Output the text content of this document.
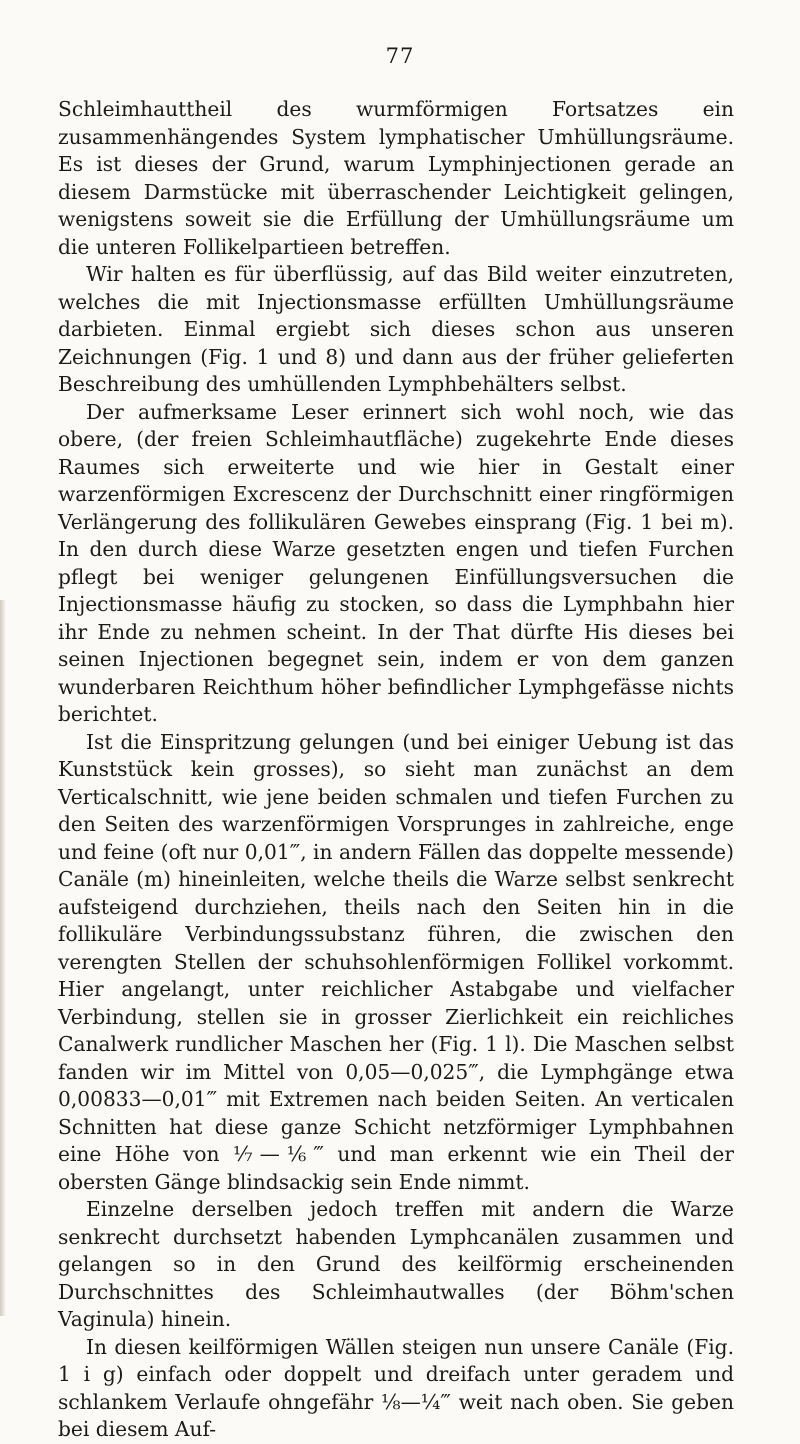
77

Schleimhauttheil des wurmförmigen Fortsatzes ein zusammenhängendes System lymphatischer Umhüllungsräume. Es ist dieses der Grund, warum Lymphinjectionen gerade an diesem Darmstücke mit überraschender Leichtigkeit gelingen, wenigstens soweit sie die Erfüllung der Umhüllungsräume um die unteren Follikelpartieen betreffen.

Wir halten es für überflüssig, auf das Bild weiter einzutreten, welches die mit Injectionsmasse erfüllten Umhüllungsräume darbieten. Einmal ergiebt sich dieses schon aus unseren Zeichnungen (Fig. 1 und 8) und dann aus der früher gelieferten Beschreibung des umhüllenden Lymphbehälters selbst.

Der aufmerksame Leser erinnert sich wohl noch, wie das obere, (der freien Schleimhautfläche) zugekehrte Ende dieses Raumes sich erweiterte und wie hier in Gestalt einer warzenförmigen Excrescenz der Durchschnitt einer ringförmigen Verlängerung des follikulären Gewebes einsprang (Fig. 1 bei m). In den durch diese Warze gesetzten engen und tiefen Furchen pflegt bei weniger gelungenen Einfüllungsversuchen die Injectionsmasse häufig zu stocken, so dass die Lymphbahn hier ihr Ende zu nehmen scheint. In der That dürfte His dieses bei seinen Injectionen begegnet sein, indem er von dem ganzen wunderbaren Reichthum höher befindlicher Lymphgefässe nichts berichtet.

Ist die Einspritzung gelungen (und bei einiger Uebung ist das Kunststück kein grosses), so sieht man zunächst an dem Verticalschnitt, wie jene beiden schmalen und tiefen Furchen zu den Seiten des warzenförmigen Vorsprunges in zahlreiche, enge und feine (oft nur 0,01‴, in andern Fällen das doppelte messende) Canäle (m) hineinleiten, welche theils die Warze selbst senkrecht aufsteigend durchziehen, theils nach den Seiten hin in die follikuläre Verbindungssubstanz führen, die zwischen den verengten Stellen der schuhsohlenförmigen Follikel vorkommt. Hier angelangt, unter reichlicher Astabgabe und vielfacher Verbindung, stellen sie in grosser Zierlichkeit ein reichliches Canalwerk rundlicher Maschen her (Fig. 1 l). Die Maschen selbst fanden wir im Mittel von 0,05—0,025‴, die Lymphgänge etwa 0,00833—0,01‴ mit Extremen nach beiden Seiten. An verticalen Schnitten hat diese ganze Schicht netzförmiger Lymphbahnen eine Höhe von ⅐—⅙‴ und man erkennt wie ein Theil der obersten Gänge blindsackig sein Ende nimmt.

Einzelne derselben jedoch treffen mit andern die Warze senkrecht durchsetzt habenden Lymphcanälen zusammen und gelangen so in den Grund des keilförmig erscheinenden Durchschnittes des Schleimhautwalles (der Böhm'schen Vaginula) hinein.

In diesen keilförmigen Wällen steigen nun unsere Canäle (Fig. 1 i g) einfach oder doppelt und dreifach unter geradem und schlankem Verlaufe ohngefähr ⅛—¼‴ weit nach oben. Sie geben bei diesem Auf-
